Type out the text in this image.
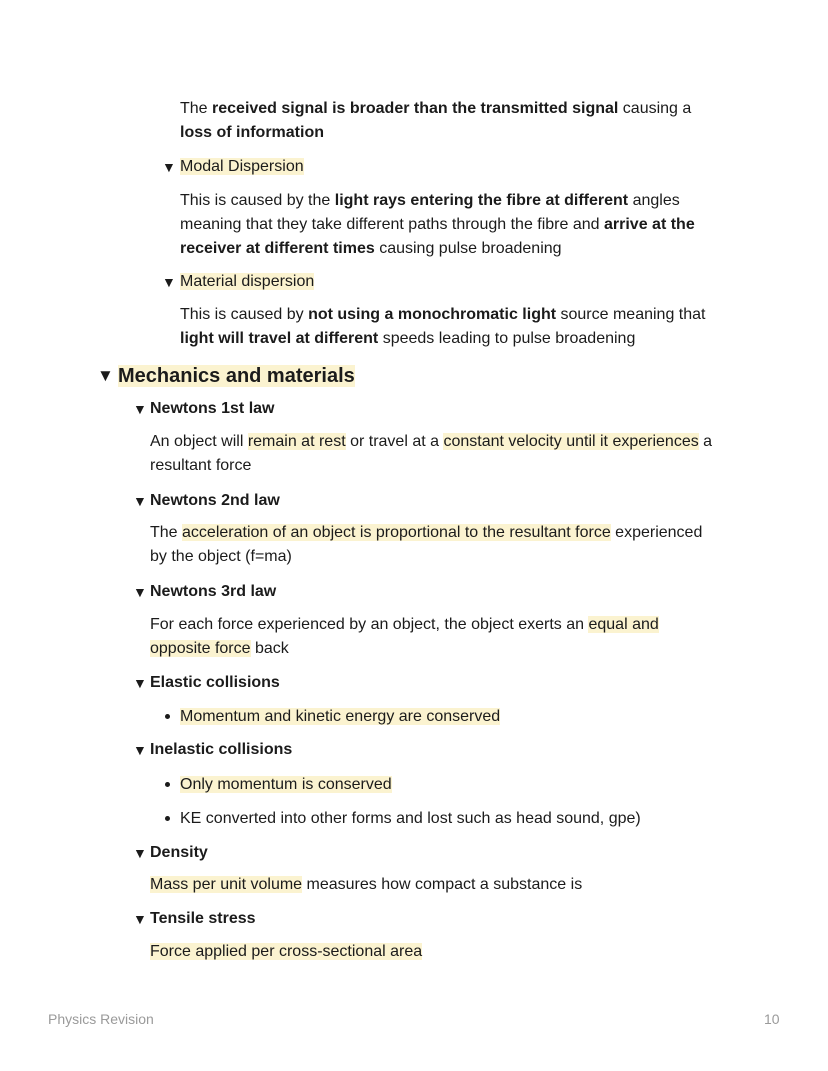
The received signal is broader than the transmitted signal causing a
loss of information
▼ Modal Dispersion
This is caused by the light rays entering the fibre at different angles
meaning that they take different paths through the fibre and arrive at the
receiver at different times causing pulse broadening
▼ Material dispersion
This is caused by not using a monochromatic light source meaning that
light will travel at different speeds leading to pulse broadening
▼ Mechanics and materials
▼ Newtons 1st law
An object will remain at rest or travel at a constant velocity until it experiences a
resultant force
▼ Newtons 2nd law
The acceleration of an object is proportional to the resultant force experienced
by the object (f=ma)
▼ Newtons 3rd law
For each force experienced by an object, the object exerts an equal and
opposite force back
▼ Elastic collisions
Momentum and kinetic energy are conserved
▼ Inelastic collisions
Only momentum is conserved
KE converted into other forms and lost such as head sound, gpe)
▼ Density
Mass per unit volume measures how compact a substance is
▼ Tensile stress
Force applied per cross-sectional area
Physics Revision	10
